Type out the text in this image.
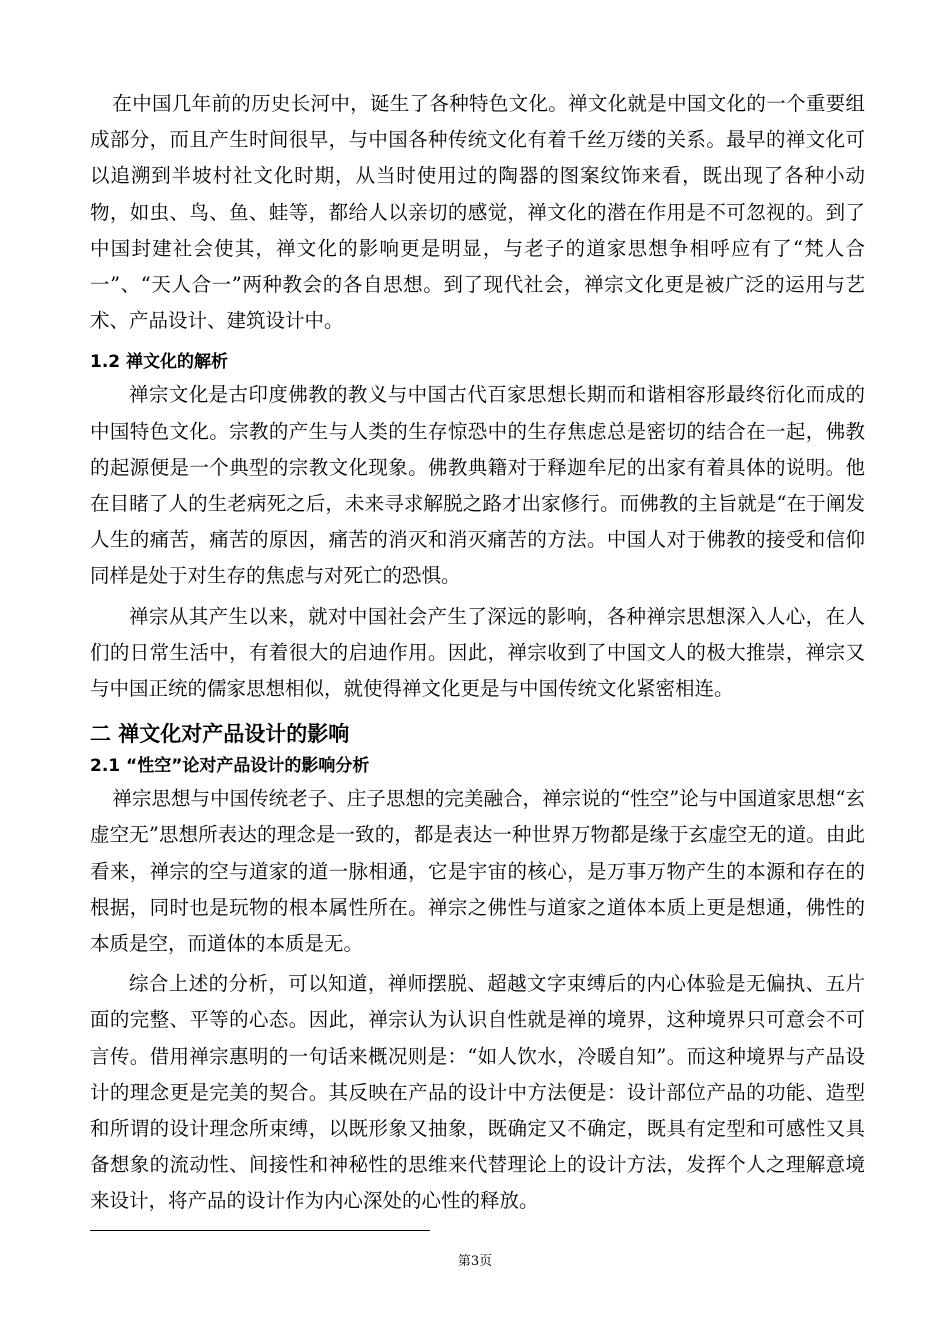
在中国几年前的历史长河中，诞生了各种特色文化。禅文化就是中国文化的一个重要组成部分，而且产生时间很早，与中国各种传统文化有着千丝万缕的关系。最早的禅文化可以追溯到半坡村社文化时期，从当时使用过的陶器的图案纹饰来看，既出现了各种小动物，如虫、鸟、鱼、蛙等，都给人以亲切的感觉，禅文化的潜在作用是不可忽视的。到了中国封建社会使其，禅文化的影响更是明显，与老子的道家思想争相呼应有了“梵人合一”、“天人合一”两种教会的各自思想。到了现代社会，禅宗文化更是被广泛的运用与艺术、产品设计、建筑设计中。

1.2 禅文化的解析

禅宗文化是古印度佛教的教义与中国古代百家思想长期而和谐相容形最终衍化而成的中国特色文化。宗教的产生与人类的生存惊恐中的生存焦虑总是密切的结合在一起，佛教的起源便是一个典型的宗教文化现象。佛教典籍对于释迦牟尼的出家有着具体的说明。他在目睹了人的生老病死之后，未来寻求解脱之路才出家修行。而佛教的主旨就是“在于阐发人生的痛苦，痛苦的原因，痛苦的消灭和消灭痛苦的方法。中国人对于佛教的接受和信仰同样是处于对生存的焦虑与对死亡的恐惧。

禅宗从其产生以来，就对中国社会产生了深远的影响，各种禅宗思想深入人心，在人们的日常生活中，有着很大的启迪作用。因此，禅宗收到了中国文人的极大推崇，禅宗又与中国正统的儒家思想相似，就使得禅文化更是与中国传统文化紧密相连。

二 禅文化对产品设计的影响
2.1 “性空”论对产品设计的影响分析

禅宗思想与中国传统老子、庄子思想的完美融合，禅宗说的“性空”论与中国道家思想“玄虚空无”思想所表达的理念是一致的，都是表达一种世界万物都是缘于玄虚空无的道。由此看来，禅宗的空与道家的道一脉相通，它是宇宙的核心，是万事万物产生的本源和存在的根据，同时也是玩物的根本属性所在。禅宗之佛性与道家之道体本质上更是想通，佛性的本质是空，而道体的本质是无。

综合上述的分析，可以知道，禅师摆脱、超越文字束缚后的内心体验是无偏执、五片面的完整、平等的心态。因此，禅宗认为认识自性就是禅的境界，这种境界只可意会不可言传。借用禅宗惠明的一句话来概况则是：“如人饮水，冷暖自知”。而这种境界与产品设计的理念更是完美的契合。其反映在产品的设计中方法便是：设计部位产品的功能、造型和所谓的设计理念所束缚，以既形象又抽象，既确定又不确定，既具有定型和可感性又具备想象的流动性、间接性和神秘性的思维来代替理论上的设计方法，发挥个人之理解意境来设计，将产品的设计作为内心深处的心性的释放。

第3页
